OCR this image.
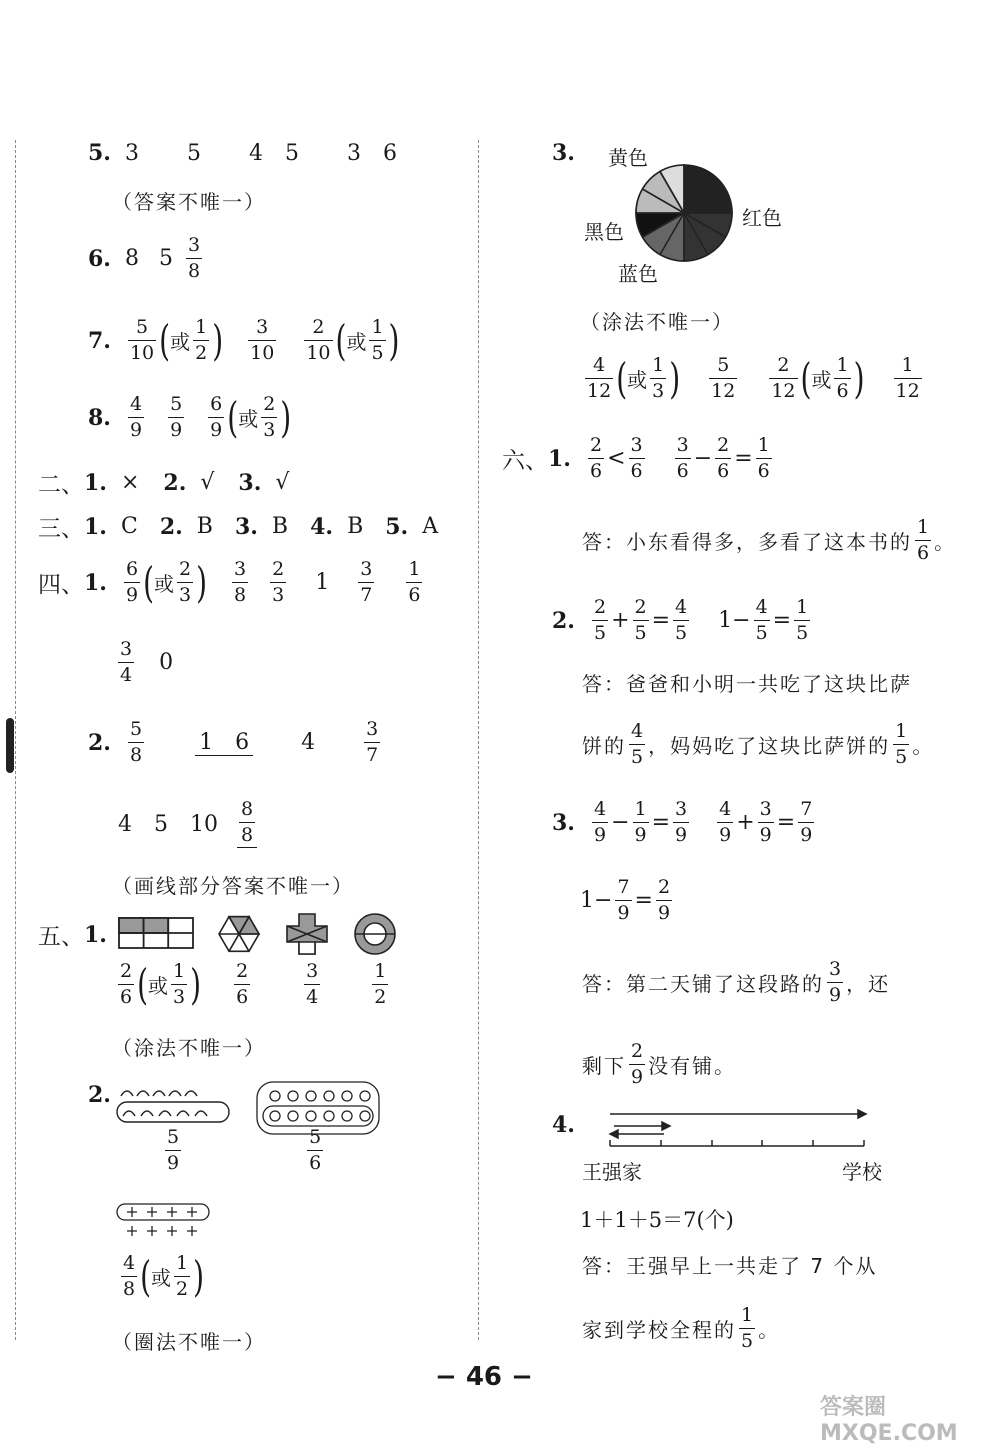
5. 3 5 4 5 3 6
（答案不唯一）
6. 8 $5 \frac{3}{8}$
7. $\frac{5}{10}$ ( 或 $\frac{1}{2}$ ) $\frac{3}{10} \frac{2}{10}$ ( 或 $\frac{1}{5}$ )
8. $\frac{4}{9} \frac{5}{9} \frac{6}{9}$ ( 或 $\frac{2}{3}$ )
二、 1. × 2. √ 3. √
三、 1. C 2. B 3. B 4. B 5. A
四、 1. $\frac{6}{9}$ ( 或 $\frac{2}{3}$ ) $\frac{3}{8} \frac{2}{3} 1 \frac{3}{7} \frac{1}{6}$
$\frac{3}{4} 0$
2. $\frac{5}{8}$	1 6 4	$\frac{3}{7}$
4 5 $10 \frac{8}{8}$
（画线部分答案不唯一）
五、 1.
$\frac{2}{6}$ ( 或 $\frac{1}{3}$ ) $\frac{2}{6}$	$\frac{3}{4}$	$\frac{1}{2}$
（涂法不唯一）
2.
$\frac{5}{9}$	$\frac{5}{6}$
$\frac{4}{8}$ ( 或 $\frac{1}{2}$ )
（圈法不唯一）
3. 黄色
红色
黑色
蓝色
（涂法不唯一）
$\frac{4}{12}$ ( 或 $\frac{1}{3}$ ) $\frac{5}{12} \frac{2}{12}$ ( 或 $\frac{1}{6}$ ) $\frac{1}{12}$
六、 1. $\frac{2}{6} < \frac{3}{6} \frac{3}{6} - \frac{2}{6} = \frac{1}{6}$
答：小东看得多，多看了这本书的 $\frac{1}{6}$ 。
2. $\frac{2}{5} + \frac{2}{5} = \frac{4}{5} 1 - \frac{4}{5} = \frac{1}{5}$
答：爸爸和小明一共吃了这块比萨
饼的 $\frac{4}{5}$ ，妈妈吃了这块比萨饼的 $\frac{1}{5}$ 。
3. $\frac{4}{9} - \frac{1}{9} = \frac{3}{9} \frac{4}{9} + \frac{3}{9} = \frac{7}{9}$
$1 - \frac{7}{9} = \frac{2}{9}$
答：第二天铺了这段路的 $\frac{3}{9}$ ，还
剩下 $\frac{2}{9}$ 没有铺。
4.
王强家	学校
1＋1＋5＝7(个)
答：王强早上一共走了 7 个从
家到学校全程的 $\frac{1}{5}$ 。
− 46 −
答案圈 MXQE.COM
